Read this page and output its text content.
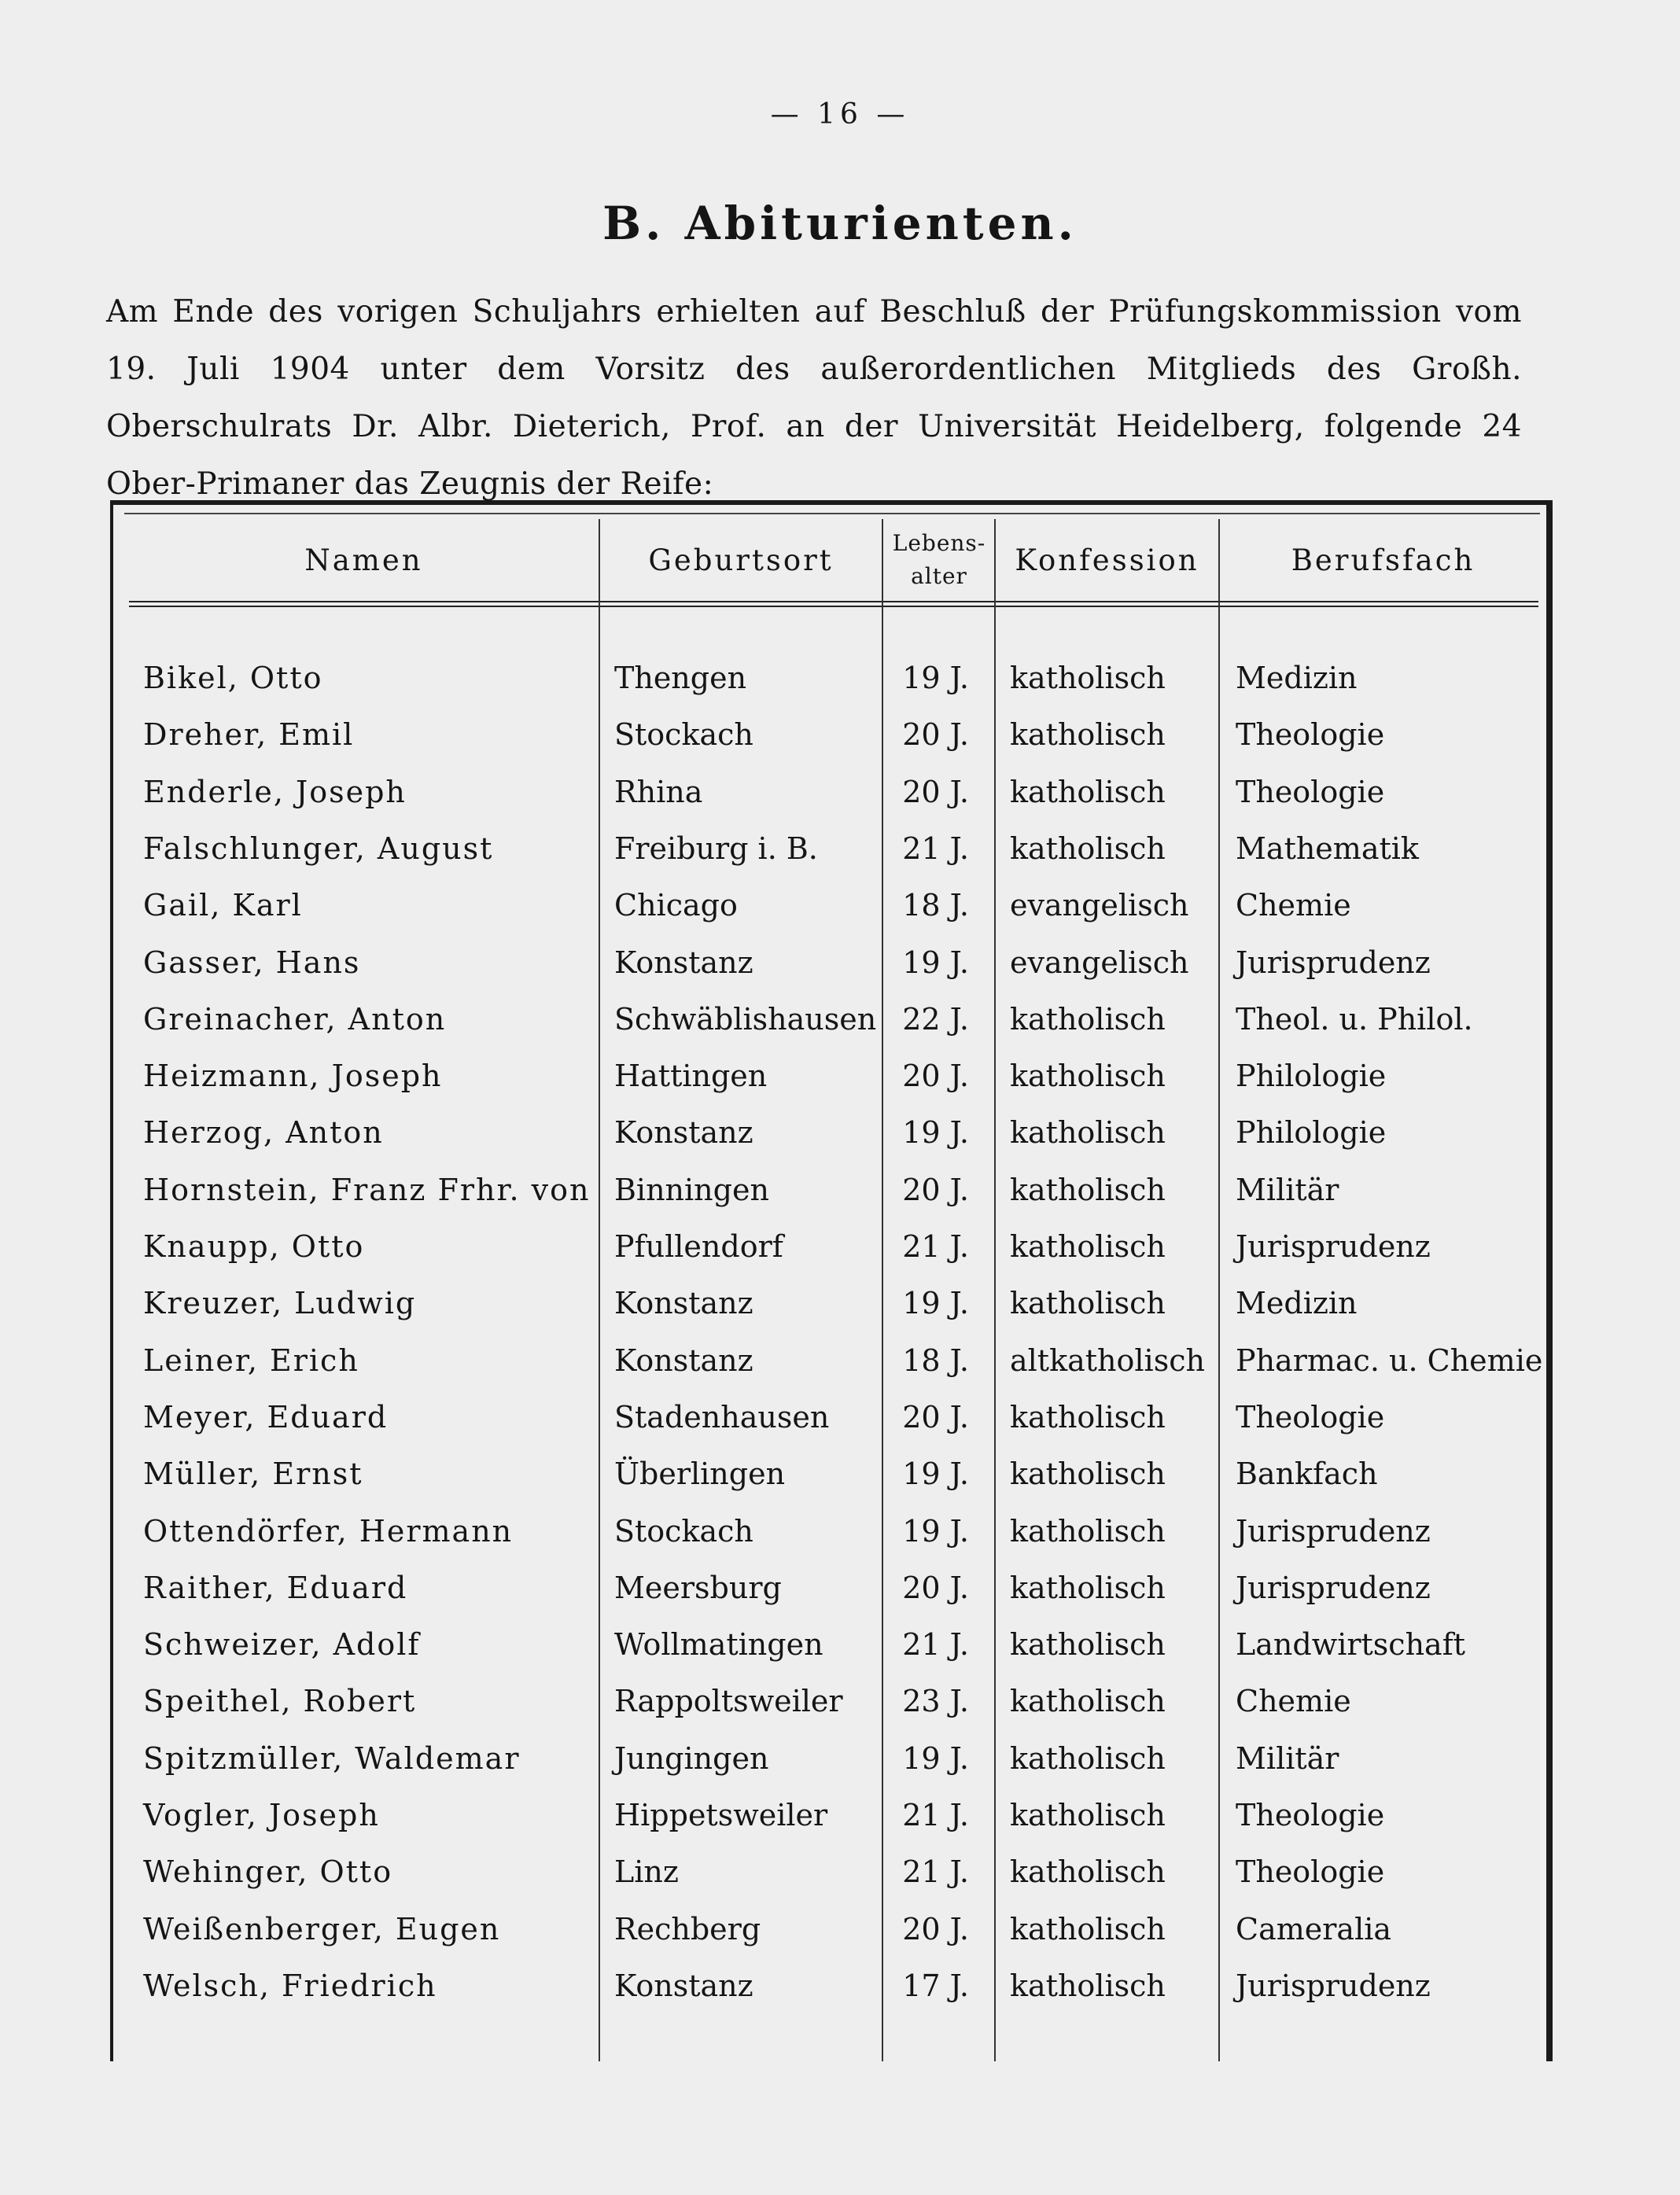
— 16 —
B. Abiturienten.
Am Ende des vorigen Schuljahrs erhielten auf Beschluß der Prüfungskommission vom 19. Juli 1904 unter dem Vorsitz des außerordentlichen Mitglieds des Großh. Oberschulrats Dr. Albr. Dieterich, Prof. an der Universität Heidelberg, folgende 24 Ober-Primaner das Zeugnis der Reife:
Namen	Geburtsort	Lebens-alter	Konfession	Berufsfach
Bikel, Otto	Thengen	19 J. katholisch Medizin
Dreher, Emil	Stockach	20 J. katholisch Theologie
Enderle, Joseph	Rhina	20 J. katholisch Theologie
Falschlunger, August	Freiburg i. B.	21 J. katholisch Mathematik
Gail, Karl	Chicago	18 J. evangelisch Chemie
Gasser, Hans	Konstanz	19 J. evangelisch Jurisprudenz
Greinacher, Anton	Schwäblishausen 22 J. katholisch Theol. u. Philol.
Heizmann, Joseph	Hattingen	20 J. katholisch Philologie
Herzog, Anton	Konstanz	19 J. katholisch Philologie
Hornstein, Franz Frhr. von Binningen	20 J. katholisch Militär
Knaupp, Otto	Pfullendorf	21 J. katholisch Jurisprudenz
Kreuzer, Ludwig	Konstanz	19 J. katholisch Medizin
Leiner, Erich	Konstanz	18 J. altkatholisch Pharmac. u. Chemie
Meyer, Eduard	Stadenhausen 20 J. katholisch Theologie
Müller, Ernst	Überlingen	19 J. katholisch Bankfach
Ottendörfer, Hermann	Stockach	19 J. katholisch Jurisprudenz
Raither, Eduard	Meersburg	20 J. katholisch Jurisprudenz
Schweizer, Adolf	Wollmatingen	21 J. katholisch Landwirtschaft
Speithel, Robert	Rappoltsweiler 23 J. katholisch Chemie
Spitzmüller, Waldemar	Jungingen	19 J. katholisch Militär
Vogler, Joseph	Hippetsweiler	21 J. katholisch Theologie
Wehinger, Otto	Linz	21 J. katholisch Theologie
Weißenberger, Eugen	Rechberg	20 J. katholisch Cameralia
Welsch, Friedrich	Konstanz	17 J. katholisch Jurisprudenz
